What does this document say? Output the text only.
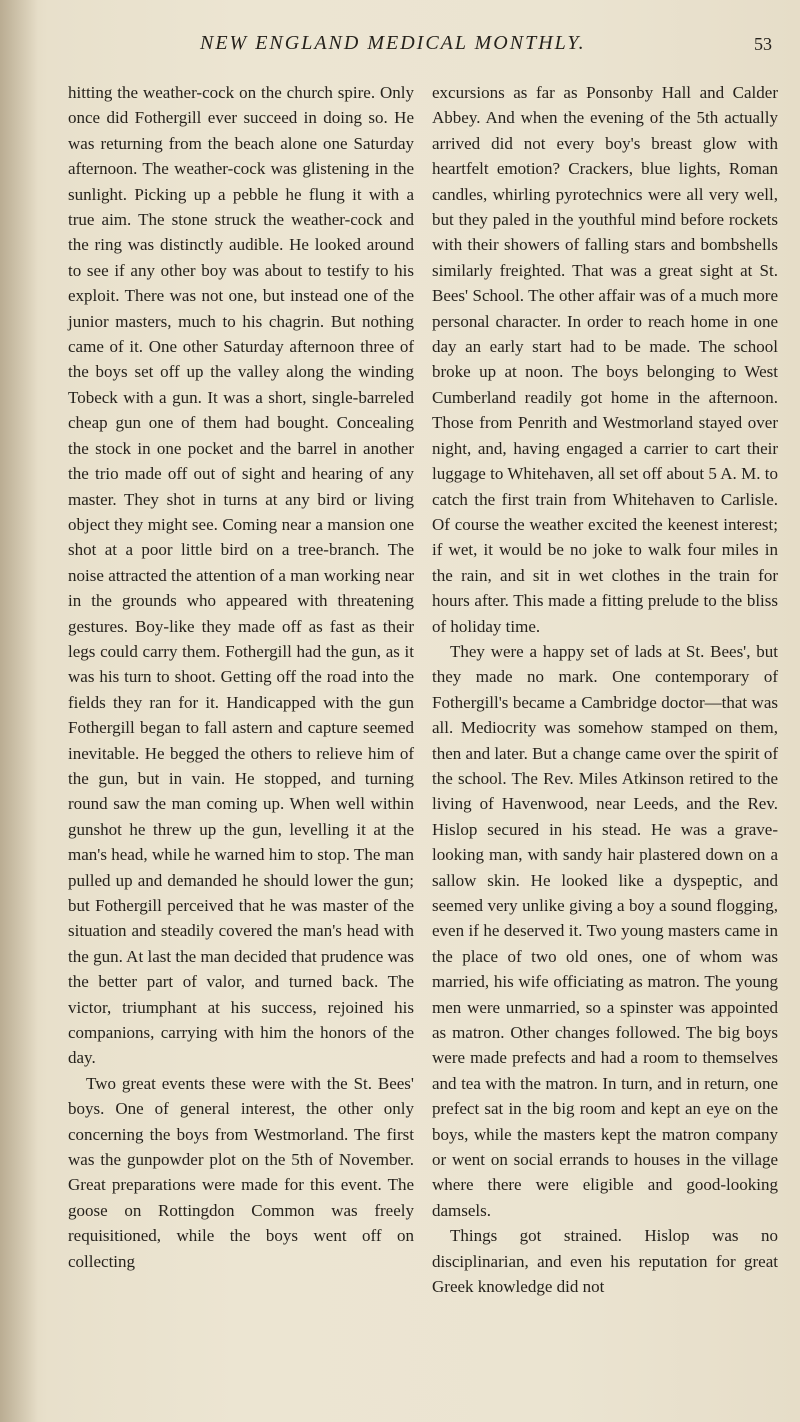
NEW ENGLAND MEDICAL MONTHLY.	53

hitting the weather-cock on the church spire. Only once did Fothergill ever succeed in doing so. He was returning from the beach alone one Saturday afternoon. The weather-cock was glistening in the sunlight. Picking up a pebble he flung it with a true aim. The stone struck the weather-cock and the ring was distinctly audible. He looked around to see if any other boy was about to testify to his exploit. There was not one, but instead one of the junior masters, much to his chagrin. But nothing came of it. One other Saturday afternoon three of the boys set off up the valley along the winding Tobeck with a gun. It was a short, single-barreled cheap gun one of them had bought. Concealing the stock in one pocket and the barrel in another the trio made off out of sight and hearing of any master. They shot in turns at any bird or living object they might see. Coming near a mansion one shot at a poor little bird on a tree-branch. The noise attracted the attention of a man working near in the grounds who appeared with threatening gestures. Boy-like they made off as fast as their legs could carry them. Fothergill had the gun, as it was his turn to shoot. Getting off the road into the fields they ran for it. Handicapped with the gun Fothergill began to fall astern and capture seemed inevitable. He begged the others to relieve him of the gun, but in vain. He stopped, and turning round saw the man coming up. When well within gunshot he threw up the gun, levelling it at the man's head, while he warned him to stop. The man pulled up and demanded he should lower the gun; but Fothergill perceived that he was master of the situation and steadily covered the man's head with the gun. At last the man decided that prudence was the better part of valor, and turned back. The victor, triumphant at his success, rejoined his companions, carrying with him the honors of the day.

Two great events these were with the St. Bees' boys. One of general interest, the other only concerning the boys from Westmorland. The first was the gunpowder plot on the 5th of November. Great preparations were made for this event. The goose on Rottingdon Common was freely requisitioned, while the boys went off on collecting

excursions as far as Ponsonby Hall and Calder Abbey. And when the evening of the 5th actually arrived did not every boy's breast glow with heartfelt emotion? Crackers, blue lights, Roman candles, whirling pyrotechnics were all very well, but they paled in the youthful mind before rockets with their showers of falling stars and bombshells similarly freighted. That was a great sight at St. Bees' School. The other affair was of a much more personal character. In order to reach home in one day an early start had to be made. The school broke up at noon. The boys belonging to West Cumberland readily got home in the afternoon. Those from Penrith and Westmorland stayed over night, and, having engaged a carrier to cart their luggage to Whitehaven, all set off about 5 A. M. to catch the first train from Whitehaven to Carlisle. Of course the weather excited the keenest interest; if wet, it would be no joke to walk four miles in the rain, and sit in wet clothes in the train for hours after. This made a fitting prelude to the bliss of holiday time.

They were a happy set of lads at St. Bees', but they made no mark. One contemporary of Fothergill's became a Cambridge doctor—that was all. Mediocrity was somehow stamped on them, then and later. But a change came over the spirit of the school. The Rev. Miles Atkinson retired to the living of Havenwood, near Leeds, and the Rev. Hislop secured in his stead. He was a grave-looking man, with sandy hair plastered down on a sallow skin. He looked like a dyspeptic, and seemed very unlike giving a boy a sound flogging, even if he deserved it. Two young masters came in the place of two old ones, one of whom was married, his wife officiating as matron. The young men were unmarried, so a spinster was appointed as matron. Other changes followed. The big boys were made prefects and had a room to themselves and tea with the matron. In turn, and in return, one prefect sat in the big room and kept an eye on the boys, while the masters kept the matron company or went on social errands to houses in the village where there were eligible and good-looking damsels.

Things got strained. Hislop was no disciplinarian, and even his reputation for great Greek knowledge did not
